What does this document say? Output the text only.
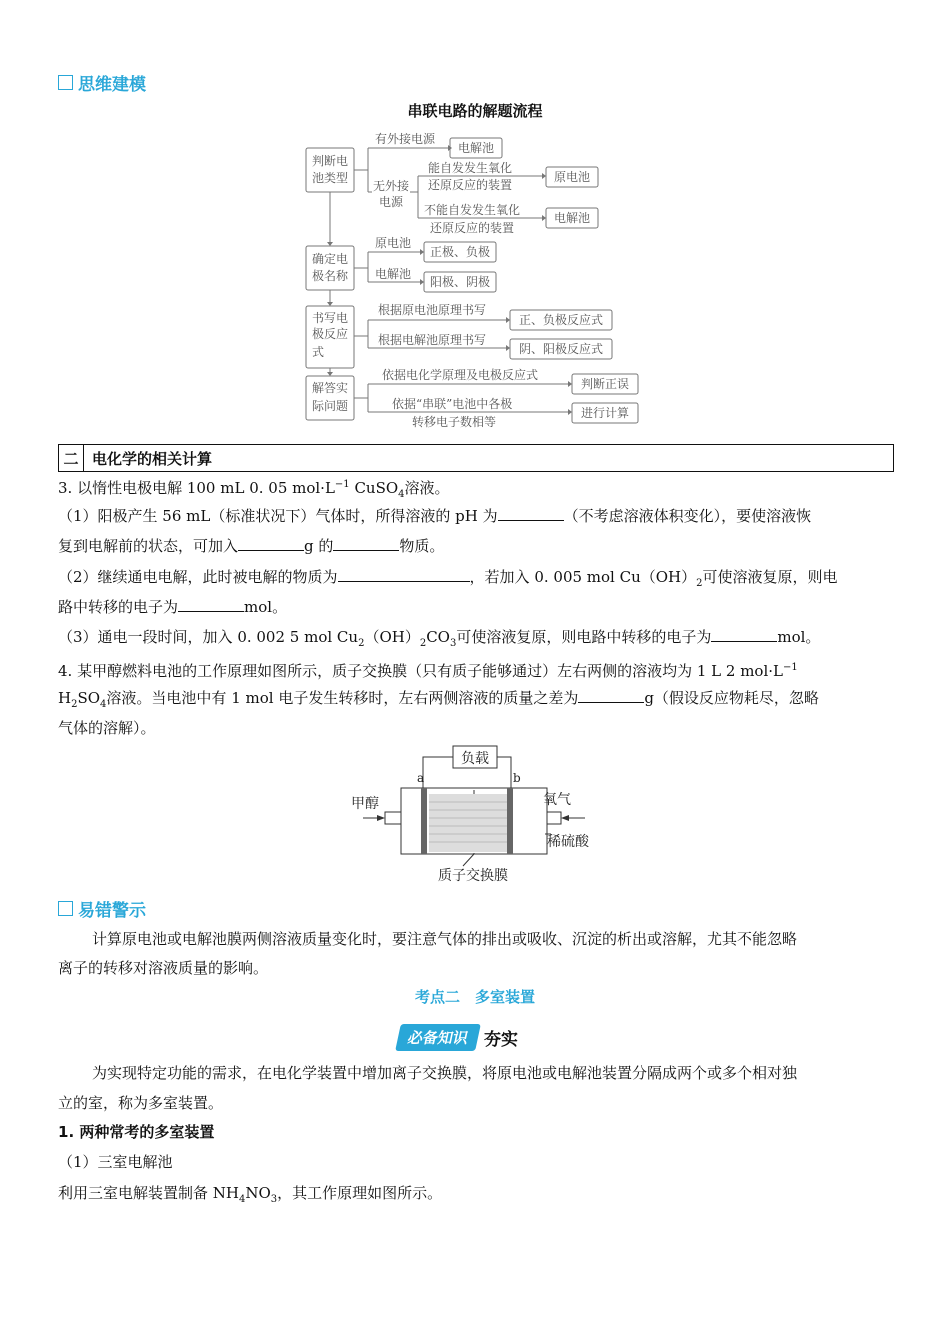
思维建模
串联电路的解题流程
判断电
池类型
有外接电源
电解池
无外接
电源
能自发发生氧化
还原反应的装置
原电池
不能自发发生氧化
还原反应的装置
电解池
确定电
极名称
原电池
正极、负极
电解池
阳极、阴极
书写电
极反应
式
根据原电池原理书写
正、负极反应式
根据电解池原理书写
阴、阳极反应式
解答实
际问题
依据电化学原理及电极反应式
判断正误
依据“串联”电池中各极
转移电子数相等
进行计算
二 电化学的相关计算
3. 以惰性电极电解 100 mL 0. 05 $mol\cdot L^{-1}$ CuSO$_4$溶液。
（1）阳极产生 56 mL（标准状况下）气体时，所得溶液的 pH 为	（不考虑溶液体积变化），要使溶液恢
复到电解前的状态，可加入	g 的	物质。
（2）继续通电电解，此时被电解的物质为	，若加入 0. 005 mol $Cu(OH)_2$可使溶液复原，则电
路中转移的电子为	mol。
（3）通电一段时间，加入 0. 002 5 mol $Cu_2(OH)_2CO_3$可使溶液复原，则电路中转移的电子为	mol。
4. 某甲醇燃料电池的工作原理如图所示，质子交换膜（只有质子能够通过）左右两侧的溶液均为 1 L 2 $mol\cdot L^{-1}$
$H_2SO_4$溶液。当电池中有 1 mol 电子发生转移时，左右两侧溶液的质量之差为	g（假设反应物耗尽，忽略
气体的溶解）。
负载
a	b
甲醇	氧气
稀硫酸
质子交换膜
易错警示
计算原电池或电解池膜两侧溶液质量变化时，要注意气体的排出或吸收、沉淀的析出或溶解，尤其不能忽略
离子的转移对溶液质量的影响。
考点二　多室装置
必备知识 夯实
为实现特定功能的需求，在电化学装置中增加离子交换膜，将原电池或电解池装置分隔成两个或多个相对独
立的室，称为多室装置。
1. 两种常考的多室装置
（1）三室电解池
利用三室电解装置制备 $NH_4NO_3$，其工作原理如图所示。
